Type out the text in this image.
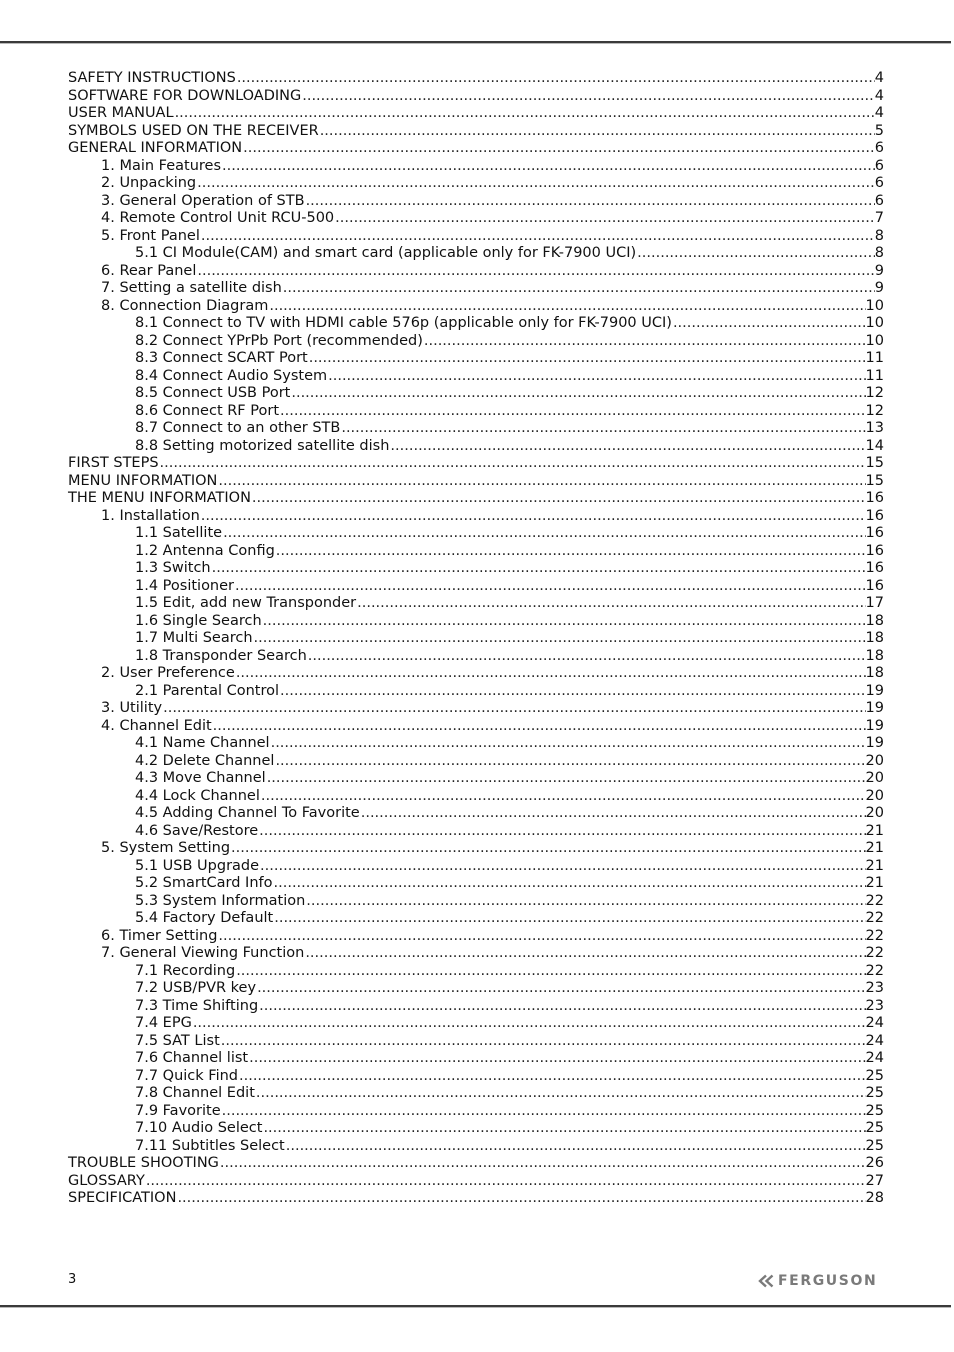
SAFETY INSTRUCTIONS .....	4
SOFTWARE FOR DOWNLOADING .....	4
USER MANUAL .....	4
SYMBOLS USED ON THE RECEIVER .....	5
GENERAL INFORMATION .....	6
1. Main Features .....	6
2. Unpacking .....	6
3. General Operation of STB .....	6
4. Remote Control Unit RCU-500 .....	7
5. Front Panel .....	8
5.1 CI Module(CAM) and smart card (applicable only for FK-7900 UCI) .....	8
6. Rear Panel .....	9
7. Setting a satellite dish .....	9
8. Connection Diagram .....	10
8.1 Connect to TV with HDMI cable 576p (applicable only for FK-7900 UCI) .....	10
8.2 Connect YPrPb Port (recommended) .....	10
8.3 Connect SCART Port .....	11
8.4 Connect Audio System .....	11
8.5 Connect USB Port .....	12
8.6 Connect RF Port .....	12
8.7 Connect to an other STB .....	13
8.8 Setting motorized satellite dish .....	14
FIRST STEPS .....	15
MENU INFORMATION .....	15
THE MENU INFORMATION .....	16
1. Installation .....	16
1.1 Satellite .....	16
1.2 Antenna Config .....	16
1.3 Switch .....	16
1.4 Positioner .....	16
1.5 Edit, add new Transponder .....	17
1.6 Single Search .....	18
1.7 Multi Search .....	18
1.8 Transponder Search .....	18
2. User Preference .....	18
2.1 Parental Control .....	19
3. Utility .....	19
4. Channel Edit .....	19
4.1 Name Channel .....	19
4.2 Delete Channel .....	20
4.3 Move Channel .....	20
4.4 Lock Channel .....	20
4.5 Adding Channel To Favorite .....	20
4.6 Save/Restore .....	21
5. System Setting .....	21
5.1 USB Upgrade .....	21
5.2 SmartCard Info .....	21
5.3 System Information .....	22
5.4 Factory Default .....	22
6. Timer Setting .....	22
7. General Viewing Function .....	22
7.1 Recording .....	22
7.2 USB/PVR key .....	23
7.3 Time Shifting .....	23
7.4 EPG .....	24
7.5 SAT List .....	24
7.6 Channel list .....	24
7.7 Quick Find .....	25
7.8 Channel Edit .....	25
7.9 Favorite .....	25
7.10 Audio Select .....	25
7.11 Subtitles Select .....	25
TROUBLE SHOOTING .....	26
GLOSSARY .....	27
SPECIFICATION .....	28
3	FERGUSON
